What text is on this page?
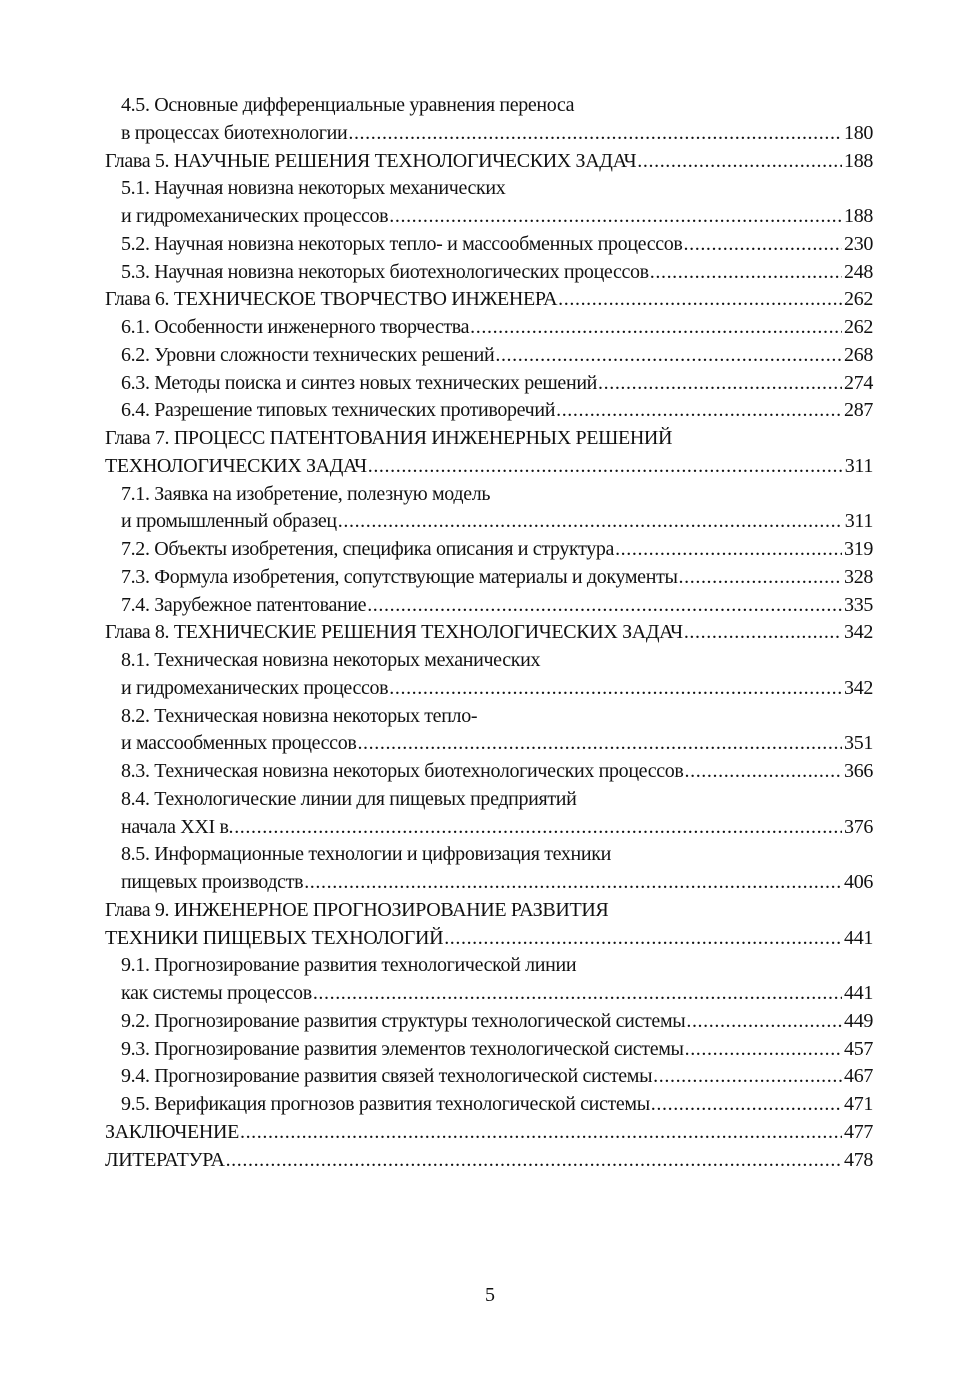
4.5. Основные дифференциальные уравнения переноса
в процессах биотехнологии .....	180
Глава 5. НАУЧНЫЕ РЕШЕНИЯ ТЕХНОЛОГИЧЕСКИХ ЗАДАЧ .....	188
5.1. Научная новизна некоторых механических
и гидромеханических процессов .....	188
5.2. Научная новизна некоторых тепло- и массообменных процессов .....	230
5.3. Научная новизна некоторых биотехнологических процессов .....	248
Глава 6. ТЕХНИЧЕСКОЕ ТВОРЧЕСТВО ИНЖЕНЕРА .....	262
6.1. Особенности инженерного творчества .....	262
6.2. Уровни сложности технических решений .....	268
6.3. Методы поиска и синтез новых технических решений .....	274
6.4. Разрешение типовых технических противоречий .....	287
Глава 7. ПРОЦЕСС ПАТЕНТОВАНИЯ ИНЖЕНЕРНЫХ РЕШЕНИЙ
ТЕХНОЛОГИЧЕСКИХ ЗАДАЧ .....	311
7.1. Заявка на изобретение, полезную модель
и промышленный образец .....	311
7.2. Объекты изобретения, специфика описания и структура .....	319
7.3. Формула изобретения, сопутствующие материалы и документы .....	328
7.4. Зарубежное патентование .....	335
Глава 8. ТЕХНИЧЕСКИЕ РЕШЕНИЯ ТЕХНОЛОГИЧЕСКИХ ЗАДАЧ .....	342
8.1. Техническая новизна некоторых механических
и гидромеханических процессов .....	342
8.2. Техническая новизна некоторых тепло-
и массообменных процессов .....	351
8.3. Техническая новизна некоторых биотехнологических процессов .....	366
8.4. Технологические линии для пищевых предприятий
начала XXI в. .....	376
8.5. Информационные технологии и цифровизация техники
пищевых производств .....	406
Глава 9. ИНЖЕНЕРНОЕ ПРОГНОЗИРОВАНИЕ РАЗВИТИЯ
ТЕХНИКИ ПИЩЕВЫХ ТЕХНОЛОГИЙ .....	441
9.1. Прогнозирование развития технологической линии
как системы процессов .....	441
9.2. Прогнозирование развития структуры технологической системы .....	449
9.3. Прогнозирование развития элементов технологической системы .....	457
9.4. Прогнозирование развития связей технологической системы .....	467
9.5. Верификация прогнозов развития технологической системы .....	471
ЗАКЛЮЧЕНИЕ .....	477
ЛИТЕРАТУРА .....	478
5
